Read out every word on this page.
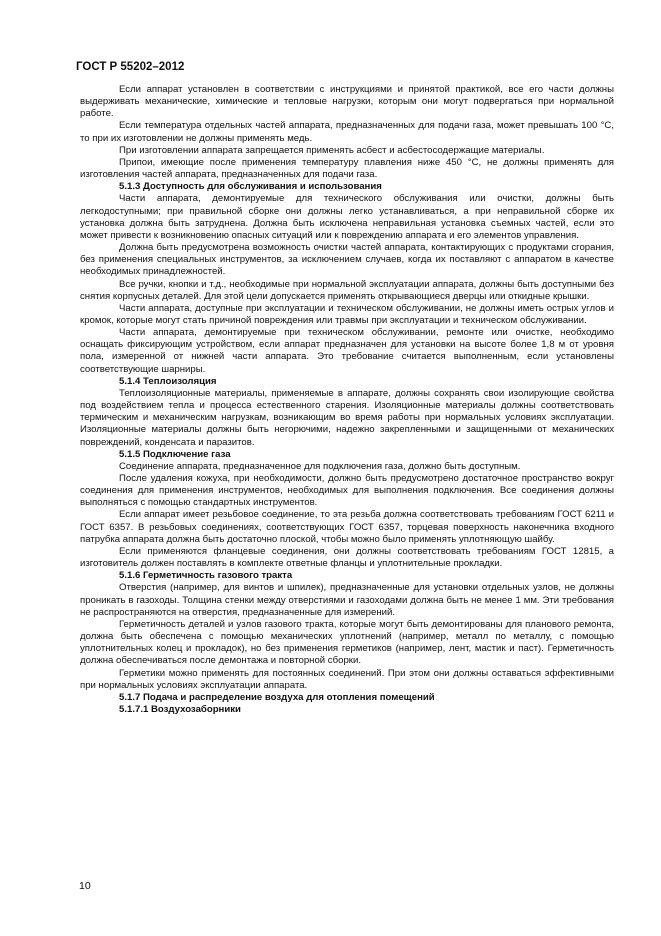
ГОСТ Р 55202–2012

Если аппарат установлен в соответствии с инструкциями и принятой практикой, все его части должны выдерживать механические, химические и тепловые нагрузки, которым они могут подвергаться при нормальной работе.

Если температура отдельных частей аппарата, предназначенных для подачи газа, может превышать 100 °C, то при их изготовлении не должны применять медь.

При изготовлении аппарата запрещается применять асбест и асбестосодержащие материалы.

Припои, имеющие после применения температуру плавления ниже 450 °C, не должны применять для изготовления частей аппарата, предназначенных для подачи газа.

5.1.3 Доступность для обслуживания и использования

Части аппарата, демонтируемые для технического обслуживания или очистки, должны быть легкодоступными; при правильной сборке они должны легко устанавливаться, а при неправильной сборке их установка должна быть затруднена. Должна быть исключена неправильная установка съемных частей, если это может привести к возникновению опасных ситуаций или к повреждению аппарата и его элементов управления.

Должна быть предусмотрена возможность очистки частей аппарата, контактирующих с продуктами сгорания, без применения специальных инструментов, за исключением случаев, когда их поставляют с аппаратом в качестве необходимых принадлежностей.

Все ручки, кнопки и т.д., необходимые при нормальной эксплуатации аппарата, должны быть доступными без снятия корпусных деталей. Для этой цели допускается применять открывающиеся дверцы или откидные крышки.

Части аппарата, доступные при эксплуатации и техническом обслуживании, не должны иметь острых углов и кромок, которые могут стать причиной повреждения или травмы при эксплуатации и техническом обслуживании.

Части аппарата, демонтируемые при техническом обслуживании, ремонте или очистке, необходимо оснащать фиксирующим устройством, если аппарат предназначен для установки на высоте более 1,8 м от уровня пола, измеренной от нижней части аппарата. Это требование считается выполненным, если установлены соответствующие шарниры.

5.1.4 Теплоизоляция

Теплоизоляционные материалы, применяемые в аппарате, должны сохранять свои изолирующие свойства под воздействием тепла и процесса естественного старения. Изоляционные материалы должны соответствовать термическим и механическим нагрузкам, возникающим во время работы при нормальных условиях эксплуатации. Изоляционные материалы должны быть негорючими, надежно закрепленными и защищенными от механических повреждений, конденсата и паразитов.

5.1.5 Подключение газа

Соединение аппарата, предназначенное для подключения газа, должно быть доступным.

После удаления кожуха, при необходимости, должно быть предусмотрено достаточное пространство вокруг соединения для применения инструментов, необходимых для выполнения подключения. Все соединения должны выполняться с помощью стандартных инструментов.

Если аппарат имеет резьбовое соединение, то эта резьба должна соответствовать требованиям ГОСТ 6211 и ГОСТ 6357. В резьбовых соединениях, соответствующих ГОСТ 6357, торцевая поверхность наконечника входного патрубка аппарата должна быть достаточно плоской, чтобы можно было применять уплотняющую шайбу.

Если применяются фланцевые соединения, они должны соответствовать требованиям ГОСТ 12815, а изготовитель должен поставлять в комплекте ответные фланцы и уплотнительные прокладки.

5.1.6 Герметичность газового тракта

Отверстия (например, для винтов и шпилек), предназначенные для установки отдельных узлов, не должны проникать в газоходы. Толщина стенки между отверстиями и газоходами должна быть не менее 1 мм. Эти требования не распространяются на отверстия, предназначенные для измерений.

Герметичность деталей и узлов газового тракта, которые могут быть демонтированы для планового ремонта, должна быть обеспечена с помощью механических уплотнений (например, металл по металлу, с помощью уплотнительных колец и прокладок), но без применения герметиков (например, лент, мастик и паст). Герметичность должна обеспечиваться после демонтажа и повторной сборки.

Герметики можно применять для постоянных соединений. При этом они должны оставаться эффективными при нормальных условиях эксплуатации аппарата.

5.1.7 Подача и распределение воздуха для отопления помещений

5.1.7.1 Воздухозаборники

10
